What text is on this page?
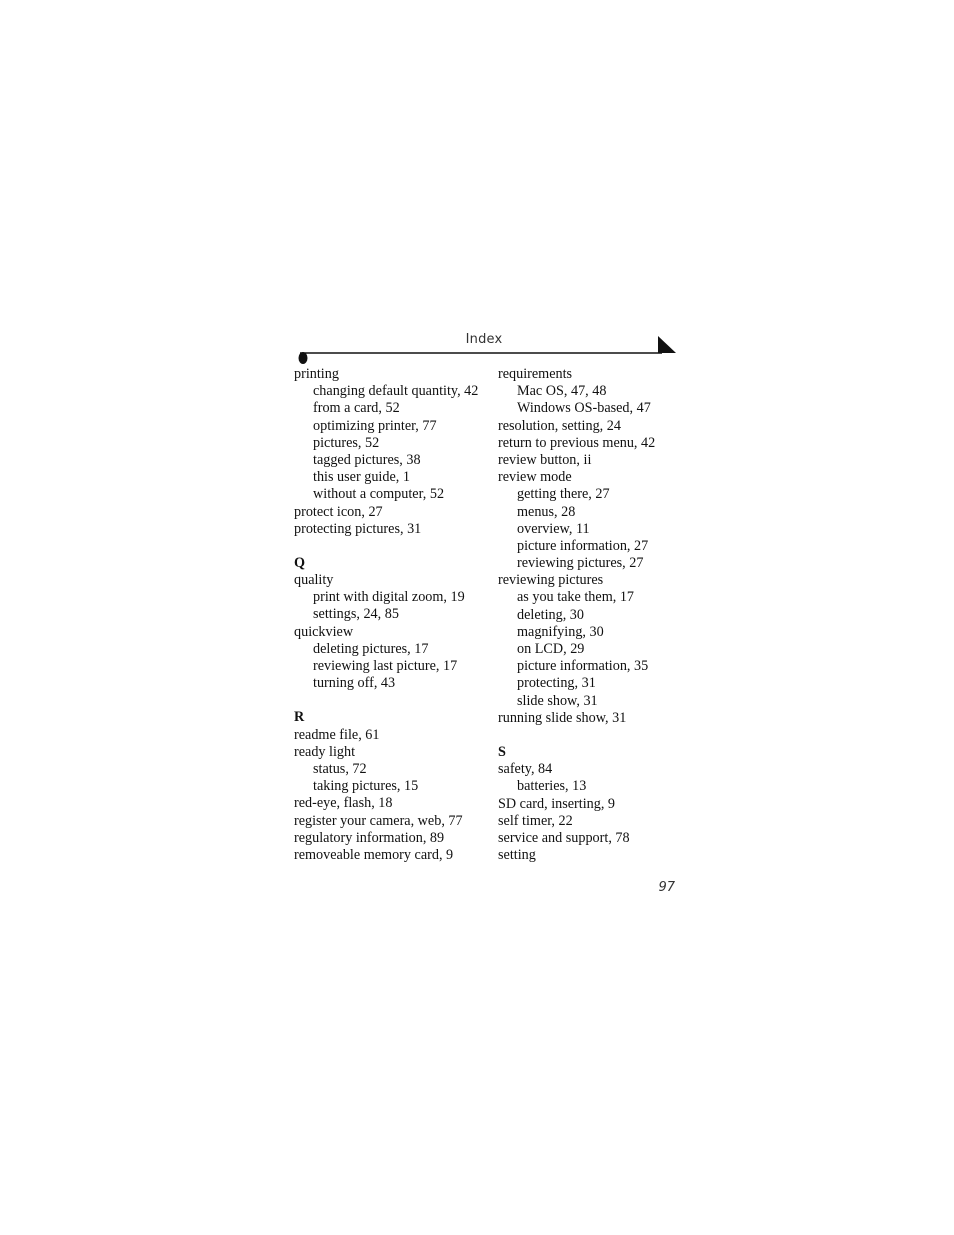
Index
printing
changing default quantity, 42
from a card, 52
optimizing printer, 77
pictures, 52
tagged pictures, 38
this user guide, 1
without a computer, 52
protect icon, 27
protecting pictures, 31
Q
quality
print with digital zoom, 19
settings, 24, 85
quickview
deleting pictures, 17
reviewing last picture, 17
turning off, 43
R
readme file, 61
ready light
status, 72
taking pictures, 15
red-eye, flash, 18
register your camera, web, 77
regulatory information, 89
removeable memory card, 9
requirements
Mac OS, 47, 48
Windows OS-based, 47
resolution, setting, 24
return to previous menu, 42
review button, ii
review mode
getting there, 27
menus, 28
overview, 11
picture information, 27
reviewing pictures, 27
reviewing pictures
as you take them, 17
deleting, 30
magnifying, 30
on LCD, 29
picture information, 35
protecting, 31
slide show, 31
running slide show, 31
S
safety, 84
batteries, 13
SD card, inserting, 9
self timer, 22
service and support, 78
setting
97
